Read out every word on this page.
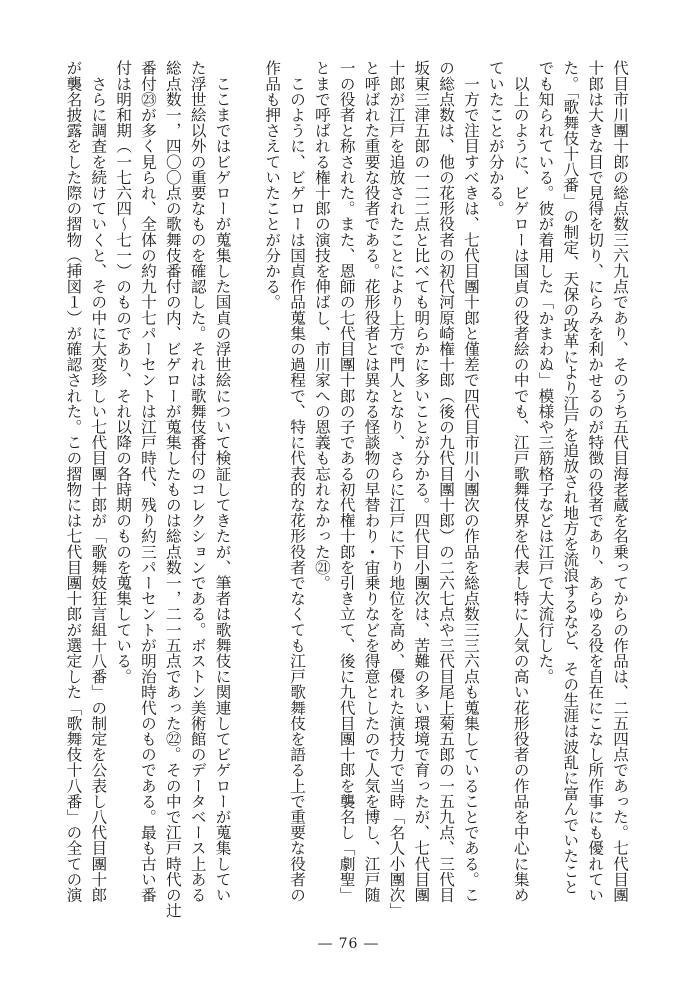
代目市川團十郎の総点数三六九点であり、そのうち五代目海老蔵を名乗ってからの作品は、二五四点であった。七代目團
十郎は大きな目で見得を切り、にらみを利かせるのが特徴の役者であり、あらゆる役を自在にこなし所作事にも優れてい
た。「歌舞伎十八番」の制定、天保の改革により江戸を追放され地方を流浪するなど、その生涯は波乱に富んでいたこと
でも知られている。彼が着用した「かまわぬ」模様や三筋格子などは江戸で大流行した。

　以上のように、ビゲローは国貞の役者絵の中でも、江戸歌舞伎界を代表し特に人気の高い花形役者の作品を中心に集め
ていたことが分かる。

　一方で注目すべきは、七代目團十郎と僅差で四代目市川小團次の作品を総点数三三六点も蒐集していることである。こ
の総点数は、他の花形役者の初代河原崎権十郎（後の九代目團十郎）の二六七点や三代目尾上菊五郎の一五九点、三代目
坂東三津五郎の一二二点と比べても明らかに多いことが分かる。四代目小團次は、苦難の多い環境で育ったが、七代目團
十郎が江戸を追放されたことにより上方で門人となり、さらに江戸に下り地位を高め、優れた演技力で当時「名人小團次」
と呼ばれた重要な役者である。花形役者とは異なる怪談物の早替わり・宙乗りなどを得意としたので人気を博し、江戸随
一の役者と称された。また、恩師の七代目團十郎の子である初代権十郎を引き立て、後に九代目團十郎を襲名し「劇聖」
とまで呼ばれる権十郎の演技を伸ばし、市川家への恩義も忘れなかった㉑。

　このように、ビゲローは国貞作品蒐集の過程で、特に代表的な花形役者でなくても江戸歌舞伎を語る上で重要な役者の
作品も押さえていたことが分かる。

　ここまではビゲローが蒐集した国貞の浮世絵について検証してきたが、筆者は歌舞伎に関連してビゲローが蒐集してい
た浮世絵以外の重要なものを確認した。それは歌舞伎番付のコレクションである。ボストン美術館のデータベース上ある
総点数一，四〇〇点の歌舞伎番付の内、ビゲローが蒐集したものは総点数一，二一五点であった㉒。その中で江戸時代の辻
番付㉓が多く見られ、全体の約九十七パーセントは江戸時代、残り約三パーセントが明治時代のものである。最も古い番
付は明和期（一七六四～七一）のものであり、それ以降の各時期のものを蒐集している。

　さらに調査を続けていくと、その中に大変珍しい七代目團十郎が「歌舞妓狂言組十八番」の制定を公表し八代目團十郎
が襲名披露をした際の摺物（挿図１）が確認された。この摺物には七代目團十郎が選定した「歌舞伎十八番」の全ての演

― 76 ―
